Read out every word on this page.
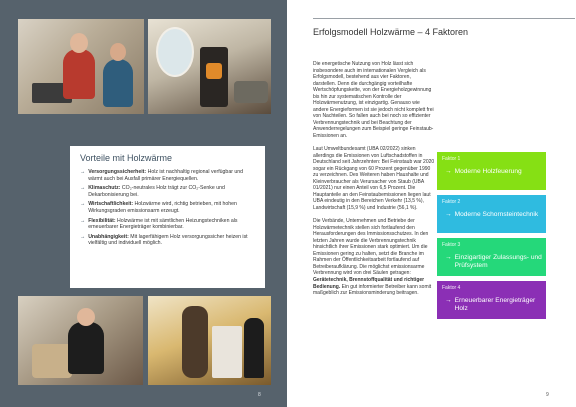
Vorteile mit Holzwärme
→ Versorgungssicherheit: Holz ist nachhaltig regional verfügbar und wärmt auch bei Ausfall primärer Energiequellen.
→ Klimaschutz: CO₂-neutrales Holz trägt zur CO₂-Senke und Dekarbonisierung bei.
→ Wirtschaftlichkeit: Holzwärme wird, richtig betrieben, mit hohen Wirkungsgraden emissionsarm erzeugt.
→ Flexibilität: Holzwärme ist mit sämtlichen Heizungstechniken als erneuerbarer Energieträger kombinierbar.
→ Unabhängigkeit: Mit lagerfähigem Holz versorgungssicher heizen ist vielfältig und individuell möglich.
8
Erfolgsmodell Holzwärme – 4 Faktoren

Die energetische Nutzung von Holz lässt sich insbesondere auch im internationalen Vergleich als Erfolgsmodell, bestehend aus vier Faktoren, darstellen. Denn die durchgängig vorteilhafte Wertschöpfungskette, von der Energieholzgewinnung bis hin zur systematischen Kontrolle der Holzwärmenutzung, ist einzigartig. Genauso wie andere Energieformen ist sie jedoch nicht komplett frei von Nachteilen. So fallen auch bei noch so effizienter Verbrennungstechnik und bei Beachtung der Anwenderregelungen zum Beispiel geringe Feinstaub-Emissionen an.

Laut Umweltbundesamt (UBA 02/2022) sinken allerdings die Emissionen von Luftschadstoffen in Deutschland seit Jahrzehnten: Bei Feinstaub war 2020 sogar ein Rückgang von 60 Prozent gegenüber 1990 zu verzeichnen. Des Weiteren haben Haushalte und Kleinverbraucher als Verursacher von Staub (UBA 01/2021) nur einen Anteil von 6,5 Prozent. Die Hauptanteile an den Feinstaubemissionen liegen laut UBA eindeutig in den Bereichen Verkehr (13,5 %), Landwirtschaft (15,9 %) und Industrie (56,1 %).

Die Verbände, Unternehmen und Betriebe der Holzwärmetechnik stellen sich fortlaufend den Herausforderungen des Immissionsschutzes. In den letzten Jahren wurde die Verbrennungstechnik hinsichtlich ihrer Emissionen stark optimiert. Um die Emissionen gering zu halten, setzt die Branche im Rahmen der Öffentlichkeitsarbeit fortlaufend auf Betreiberaufklärung. Die möglichst emissionsarme Verbrennung wird von drei Säulen getragen: Gerätetechnik, Brennstoffqualität und richtiger Bedienung. Ein gut informierter Betreiber kann somit maßgeblich zur Emissionsminderung beitragen.

Faktor 1
→ Moderne Holzfeuerung
Faktor 2
→ Moderne Schornsteintechnik
Faktor 3
→ Einzigartiger Zulassungs- und Prüfsystem
Faktor 4
→ Erneuerbarer Energieträger Holz
9
